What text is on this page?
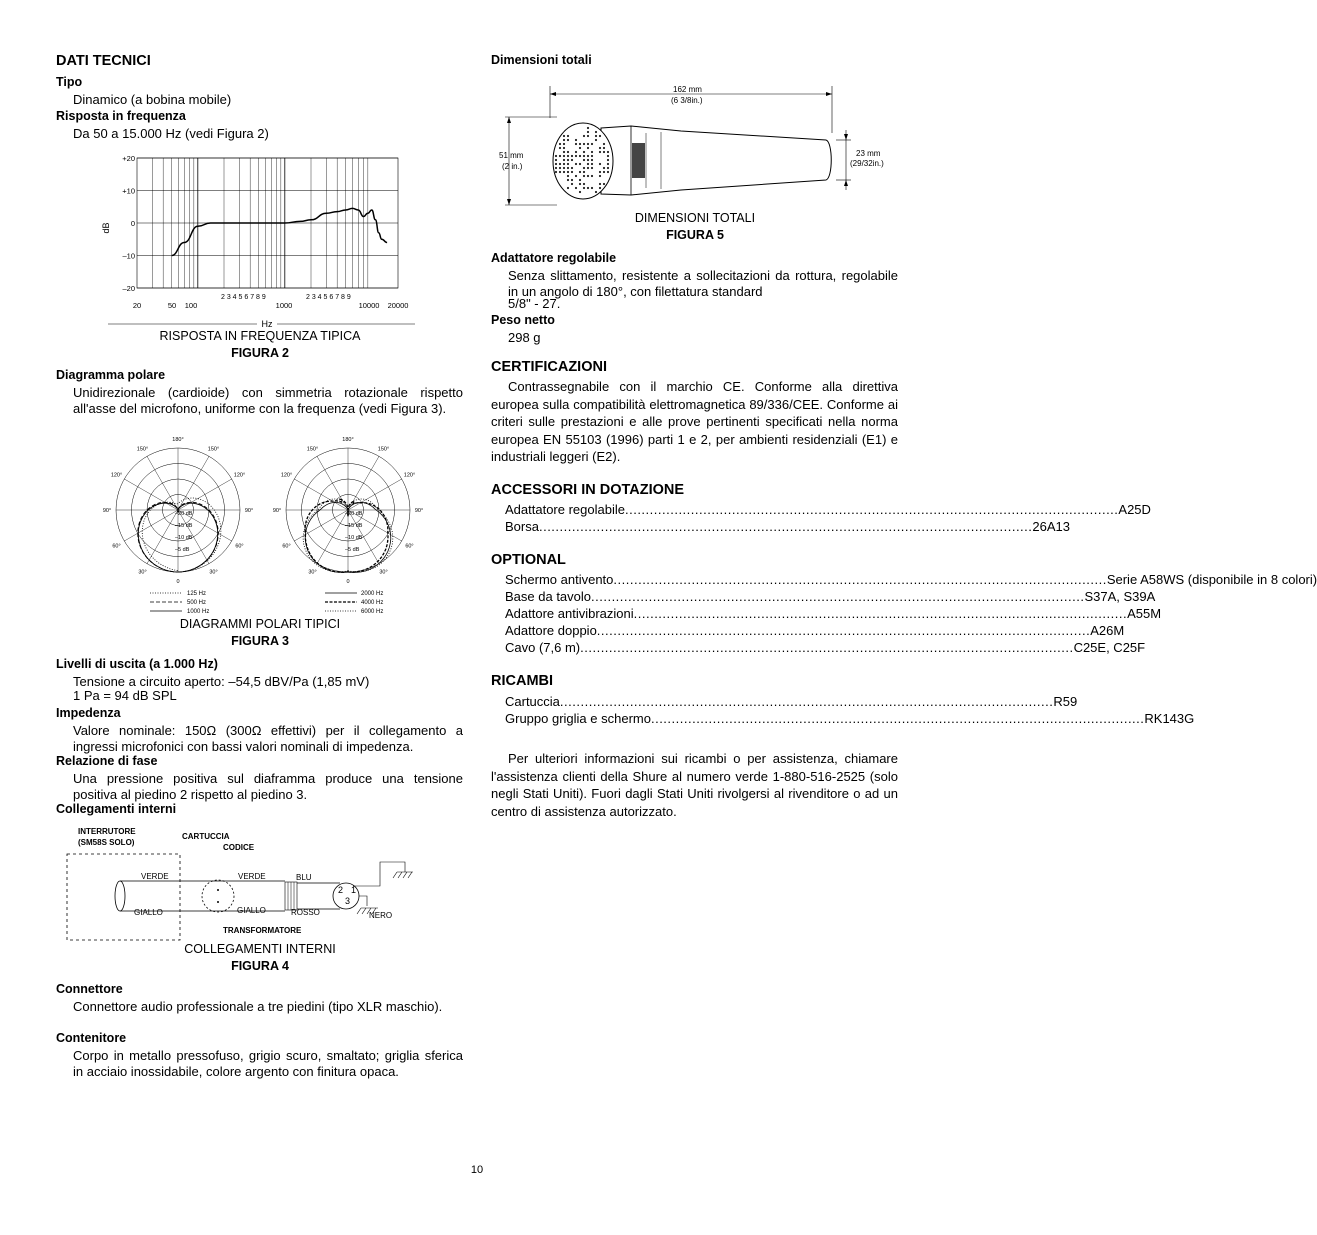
DATI TECNICI
Tipo
Dinamico (a bobina mobile)
Risposta in frequenza
Da 50 a 15.000 Hz (vedi Figura 2)
+20
+10
0
–10
–20
dB
20	50 100	1000	10000 20000
2 3 4 5 6 7 8 9	2 3 4 5 6 7 8 9
Hz
RISPOSTA IN FREQUENZA TIPICA
FIGURA 2
Diagramma polare
Unidirezionale (cardioide) con simmetria rotazionale rispetto all'asse del microfono, uniforme con la frequenza (vedi Figura 3).
180°
150°	150°
120°	120°
90°	90°
60°	60°
30°	30°
0
–20 dB
–15 dB
–10 dB
–5 dB
180°
150°	150°
120°	120°
90°	90°
60°	60°
30°	30°
0
–20 dB
–15 dB
–10 dB
–5 dB
125 Hz
500 Hz
1000 Hz
2000 Hz
4000 Hz
6000 Hz
DIAGRAMMI POLARI TIPICI
FIGURA 3
Livelli di uscita (a 1.000 Hz)
Tensione a circuito aperto: –54,5 dBV/Pa (1,85 mV)
1 Pa = 94 dB SPL
Impedenza
Valore nominale: 150Ω (300Ω effettivi) per il collegamento a ingressi microfonici con bassi valori nominali di impedenza.
Relazione di fase
Una pressione positiva sul diaframma produce una tensione positiva al piedino 2 rispetto al piedino 3.
Collegamenti interni
INTERRUTORE
(SM58S SOLO)
CARTUCCIA
CODICE
2 1
3
VERDE
GIALLO
VERDE
GIALLO
BLU
ROSSO	NERO
TRANSFORMATORE
COLLEGAMENTI INTERNI
FIGURA 4
Connettore
Connettore audio professionale a tre piedini (tipo XLR maschio).
Contenitore
Corpo in metallo pressofuso, grigio scuro, smaltato; griglia sferica in acciaio inossidabile, colore argento con finitura opaca.
Dimensioni totali
162 mm
(6 3/8in.)
51 mm
(2 in.)
23 mm
(29/32in.)
DIMENSIONI TOTALI
FIGURA 5
Adattatore regolabile
Senza slittamento, resistente a sollecitazioni da rottura, regolabile in un angolo di 180°, con filettatura standard
5/8" - 27.
Peso netto
298 g
CERTIFICAZIONI
Contrassegnabile con il marchio CE. Conforme alla direttiva europea sulla compatibilità elettromagnetica 89/336/CEE. Conforme ai criteri sulle prestazioni e alle prove pertinenti specificati nella norma europea EN 55103 (1996) parti 1 e 2, per ambienti residenziali (E1) e industriali leggeri (E2).
ACCESSORI IN DOTAZIONE
Adattatore regolabile ........................................................................................................................ A25D
Borsa ........................................................................................................................ 26A13
OPTIONAL
Schermo antivento ........................................................................................................................ Serie A58WS (disponibile in 8 colori)
Base da tavolo ........................................................................................................................ S37A, S39A
Adattore antivibrazioni ........................................................................................................................ A55M
Adattore doppio ........................................................................................................................ A26M
Cavo (7,6 m) ........................................................................................................................ C25E, C25F
RICAMBI
Cartuccia ........................................................................................................................ R59
Gruppo griglia e schermo ........................................................................................................................ RK143G
Per ulteriori informazioni sui ricambi o per assistenza, chiamare l'assistenza clienti della Shure al numero verde 1-880-516-2525 (solo negli Stati Uniti). Fuori dagli Stati Uniti rivolgersi al rivenditore o ad un centro di assistenza autorizzato.
10
